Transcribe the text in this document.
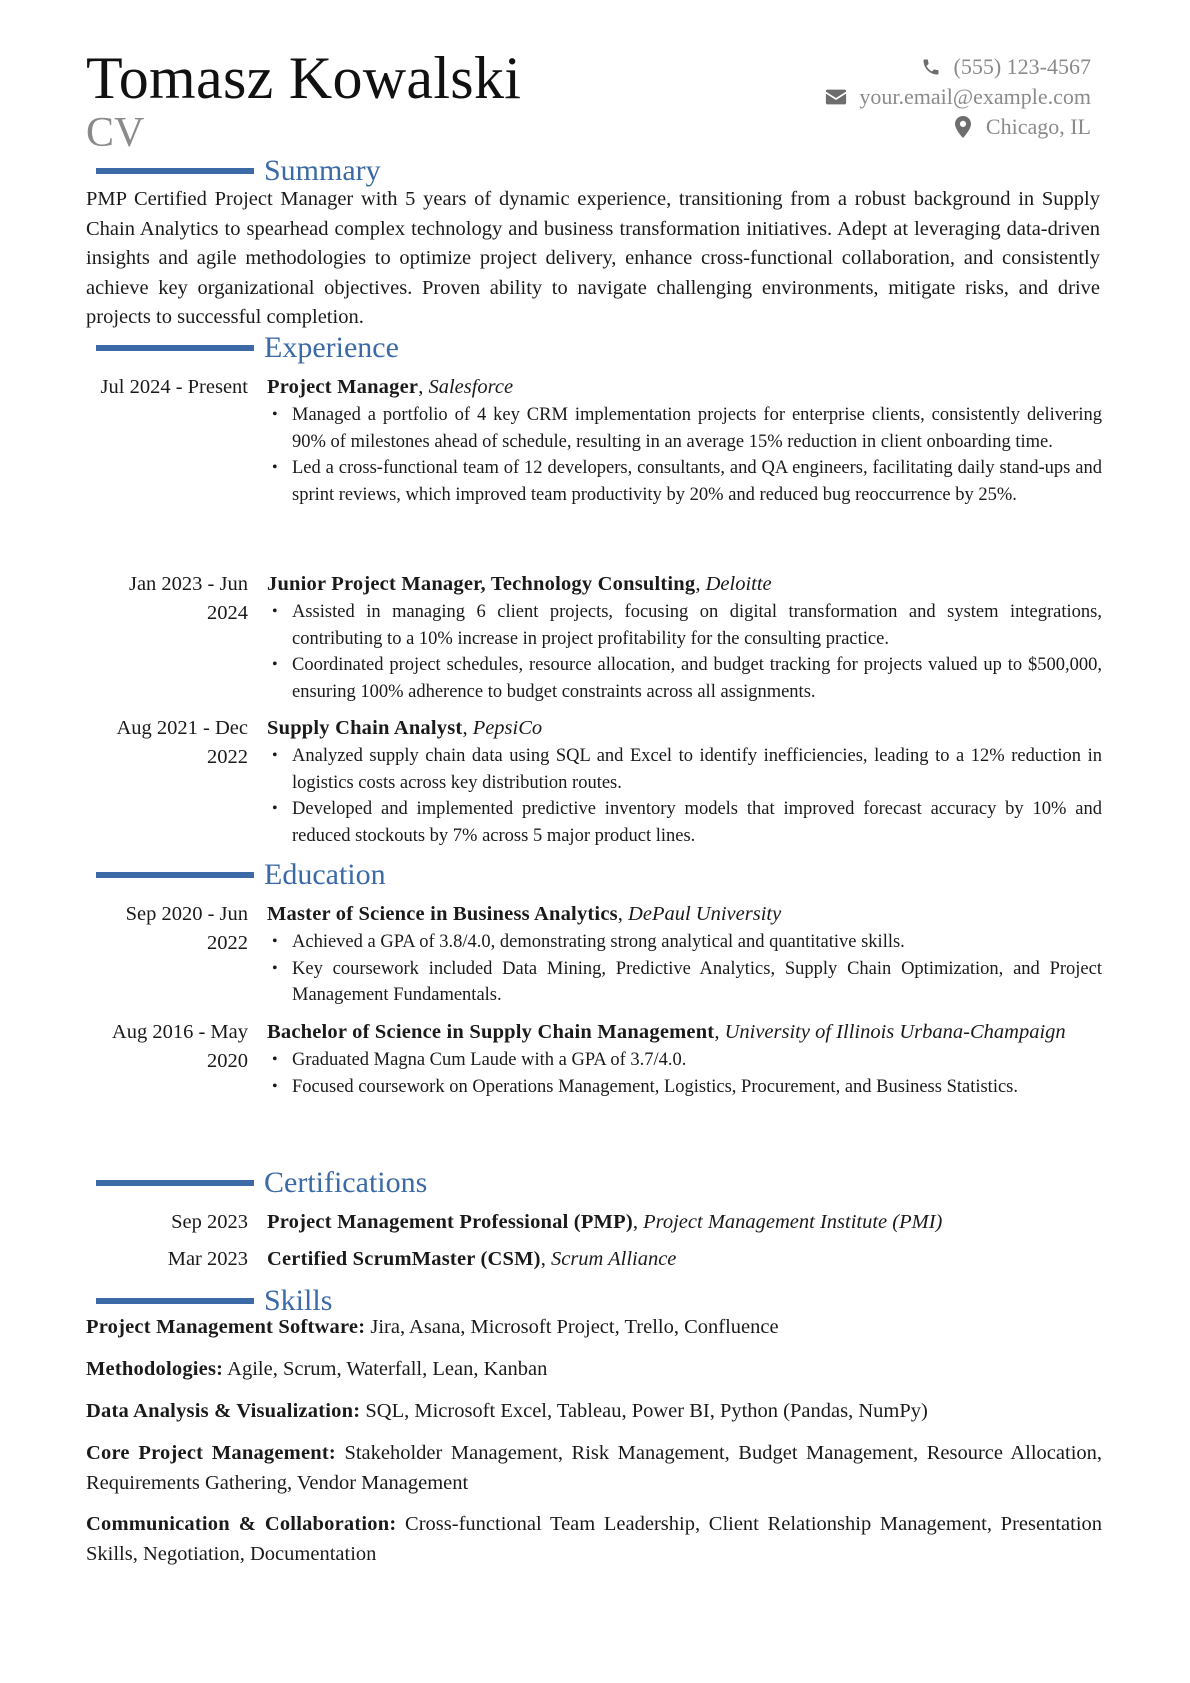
Tomasz Kowalski
CV
(555) 123-4567
your.email@example.com
Chicago, IL
Summary
PMP Certified Project Manager with 5 years of dynamic experience, transitioning from a robust background in Supply Chain Analytics to spearhead complex technology and business transformation initiatives. Adept at leveraging data-driven insights and agile methodologies to optimize project delivery, enhance cross-functional collaboration, and consistently achieve key organizational objectives. Proven ability to navigate challenging environments, mitigate risks, and drive projects to successful completion.
Experience
Jul 2024 - Present Project Manager, Salesforce
• Managed a portfolio of 4 key CRM implementation projects for enterprise clients, consistently delivering 90% of milestones ahead of schedule, resulting in an average 15% reduction in client onboarding time.
• Led a cross-functional team of 12 developers, consultants, and QA engineers, facilitating daily stand-ups and sprint reviews, which improved team productivity by 20% and reduced bug reoccurrence by 25%.
Jan 2023 - Jun 2024
Junior Project Manager, Technology Consulting, Deloitte
• Assisted in managing 6 client projects, focusing on digital transformation and system integrations, contributing to a 10% increase in project profitability for the consulting practice.
• Coordinated project schedules, resource allocation, and budget tracking for projects valued up to $500,000, ensuring 100% adherence to budget constraints across all assignments.
Aug 2021 - Dec 2022
Supply Chain Analyst, PepsiCo
• Analyzed supply chain data using SQL and Excel to identify inefficiencies, leading to a 12% reduction in logistics costs across key distribution routes.
• Developed and implemented predictive inventory models that improved forecast accuracy by 10% and reduced stockouts by 7% across 5 major product lines.
Education
Sep 2020 - Jun 2022
Master of Science in Business Analytics, DePaul University
• Achieved a GPA of 3.8/4.0, demonstrating strong analytical and quantitative skills.
• Key coursework included Data Mining, Predictive Analytics, Supply Chain Optimization, and Project Management Fundamentals.
Aug 2016 - May 2020
Bachelor of Science in Supply Chain Management, University of Illinois Urbana-Champaign
• Graduated Magna Cum Laude with a GPA of 3.7/4.0.
• Focused coursework on Operations Management, Logistics, Procurement, and Business Statistics.
Certifications
Sep 2023 Project Management Professional (PMP), Project Management Institute (PMI)
Mar 2023 Certified ScrumMaster (CSM), Scrum Alliance
Skills
Project Management Software: Jira, Asana, Microsoft Project, Trello, Confluence
Methodologies: Agile, Scrum, Waterfall, Lean, Kanban
Data Analysis & Visualization: SQL, Microsoft Excel, Tableau, Power BI, Python (Pandas, NumPy)
Core Project Management: Stakeholder Management, Risk Management, Budget Management, Resource Allocation, Requirements Gathering, Vendor Management
Communication & Collaboration: Cross-functional Team Leadership, Client Relationship Management, Presentation Skills, Negotiation, Documentation
